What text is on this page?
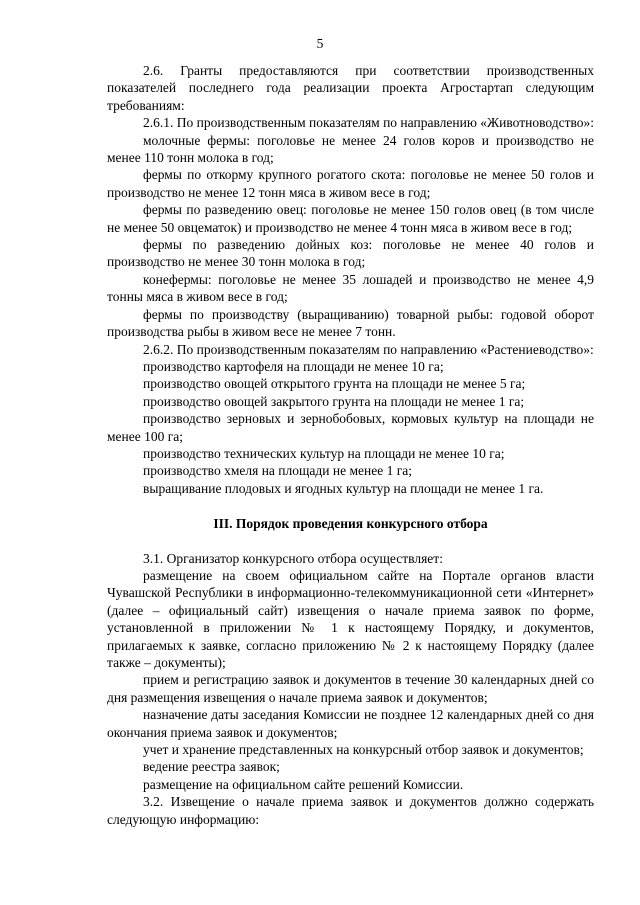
5

2.6. Гранты предоставляются при соответствии производственных показателей последнего года реализации проекта Агростартап следующим требованиям:

2.6.1. По производственным показателям по направлению «Животноводство»:

молочные фермы: поголовье не менее 24 голов коров и производство не менее 110 тонн молока в год;

фермы по откорму крупного рогатого скота: поголовье не менее 50 голов и производство не менее 12 тонн мяса в живом весе в год;

фермы по разведению овец: поголовье не менее 150 голов овец (в том числе не менее 50 овцематок) и производство не менее 4 тонн мяса в живом весе в год;

фермы по разведению дойных коз: поголовье не менее 40 голов и производство не менее 30 тонн молока в год;

конефермы: поголовье не менее 35 лошадей и производство не менее 4,9 тонны мяса в живом весе в год;

фермы по производству (выращиванию) товарной рыбы: годовой оборот производства рыбы в живом весе не менее 7 тонн.

2.6.2. По производственным показателям по направлению «Растениеводство»:

производство картофеля на площади не менее 10 га;

производство овощей открытого грунта на площади не менее 5 га;

производство овощей закрытого грунта на площади не менее 1 га;

производство зерновых и зернобобовых, кормовых культур на площади не менее 100 га;

производство технических культур на площади не менее 10 га;

производство хмеля на площади не менее 1 га;

выращивание плодовых и ягодных культур на площади не менее 1 га.

III. Порядок проведения конкурсного отбора

3.1. Организатор конкурсного отбора осуществляет:

размещение на своем официальном сайте на Портале органов власти Чувашской Республики в информационно-телекоммуникационной сети «Интернет» (далее – официальный сайт) извещения о начале приема заявок по форме, установленной в приложении № 1 к настоящему Порядку, и документов, прилагаемых к заявке, согласно приложению № 2 к настоящему Порядку (далее также – документы);

прием и регистрацию заявок и документов в течение 30 календарных дней со дня размещения извещения о начале приема заявок и документов;

назначение даты заседания Комиссии не позднее 12 календарных дней со дня окончания приема заявок и документов;

учет и хранение представленных на конкурсный отбор заявок и документов;

ведение реестра заявок;

размещение на официальном сайте решений Комиссии.

3.2. Извещение о начале приема заявок и документов должно содержать следующую информацию:
